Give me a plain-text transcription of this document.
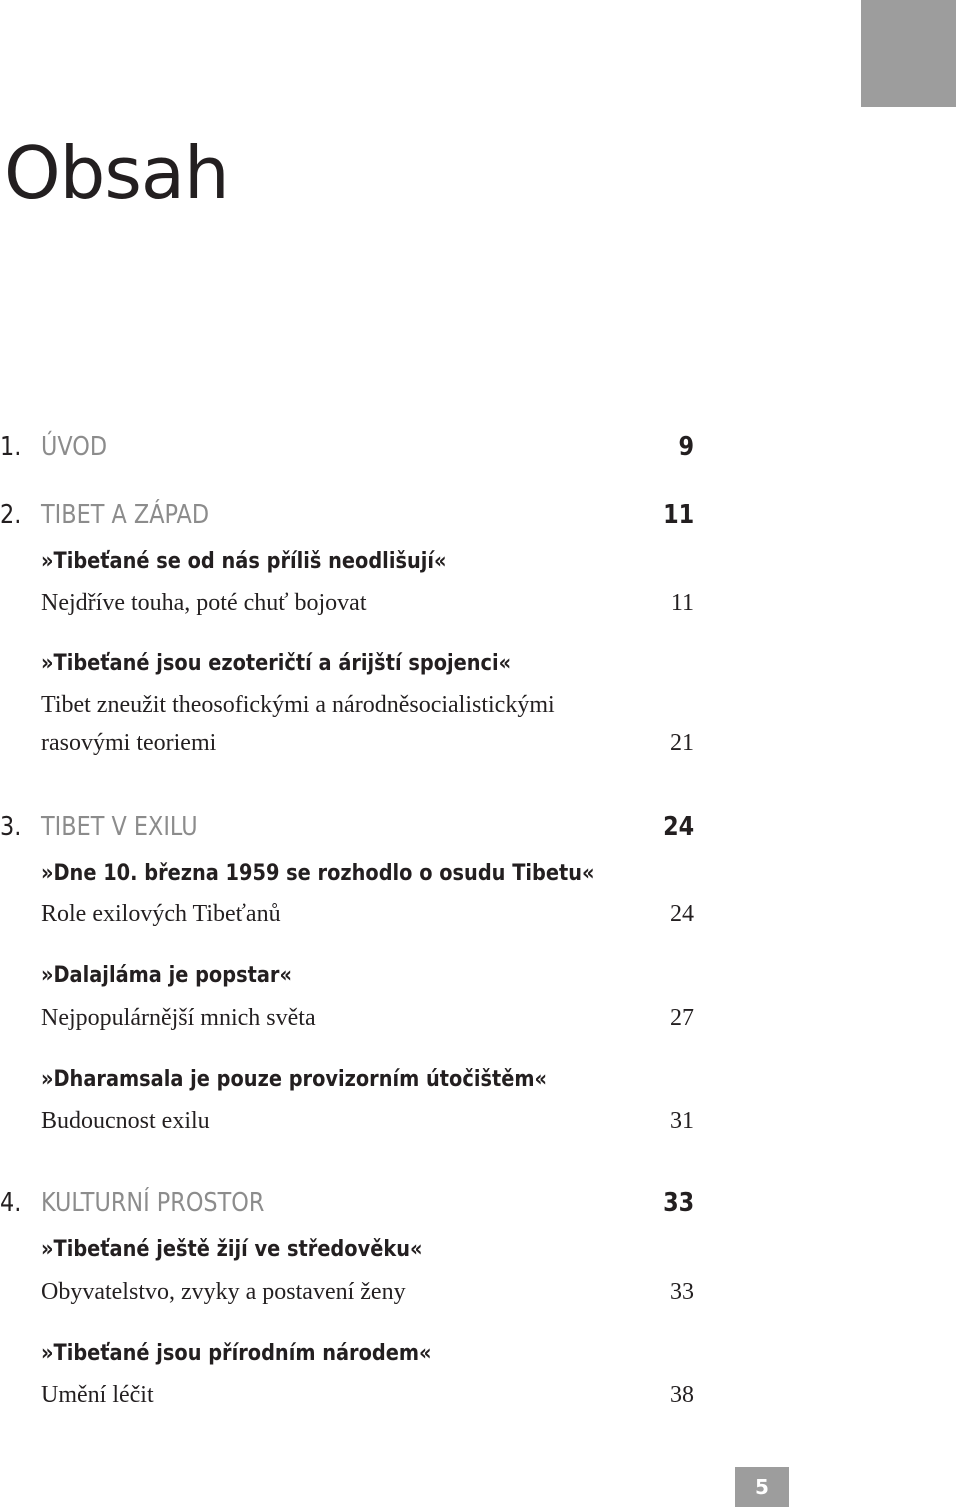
Obsah
1. ÚVOD	9
2. TIBET A ZÁPAD	11
»Tibeťané se od nás příliš neodlišují«
Nejdříve touha, poté chuť bojovat	11
»Tibeťané jsou ezoteričtí a árijští spojenci«
Tibet zneužit theosofickými a národněsocialistickými
rasovými teoriemi	21
3. TIBET V EXILU	24
»Dne 10. března 1959 se rozhodlo o osudu Tibetu«
Role exilových Tibeťanů	24
»Dalajláma je popstar«
Nejpopulárnější mnich světa	27
»Dharamsala je pouze provizorním útočištěm«
Budoucnost exilu	31
4. KULTURNÍ PROSTOR	33
»Tibeťané ještě žijí ve středověku«
Obyvatelstvo, zvyky a postavení ženy	33
»Tibeťané jsou přírodním národem«
Umění léčit	38
5
